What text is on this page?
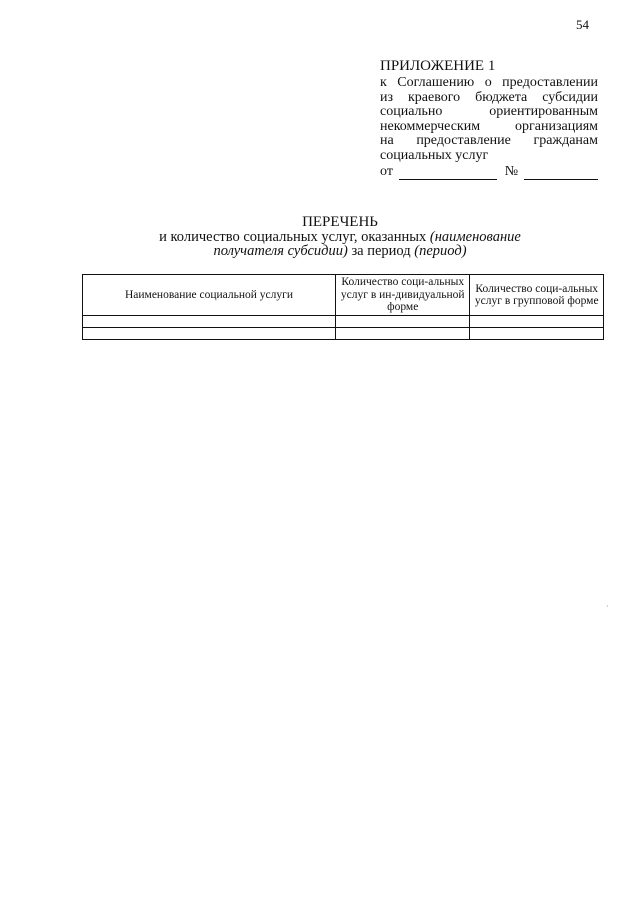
54
ПРИЛОЖЕНИЕ 1
к Соглашению о предоставлении
из краевого бюджета субсидии
социально ориентированным
некоммерческим организациям
на предоставление гражданам
социальных услуг
от	№
ПЕРЕЧЕНЬ
и количество социальных услуг, оказанных (наименование
получателя субсидии) за период (период)
Наименование социальной услуги	Количество соци-альных услуг в ин-дивидуальной форме	Количество соци-альных услуг в групповой форме

·
